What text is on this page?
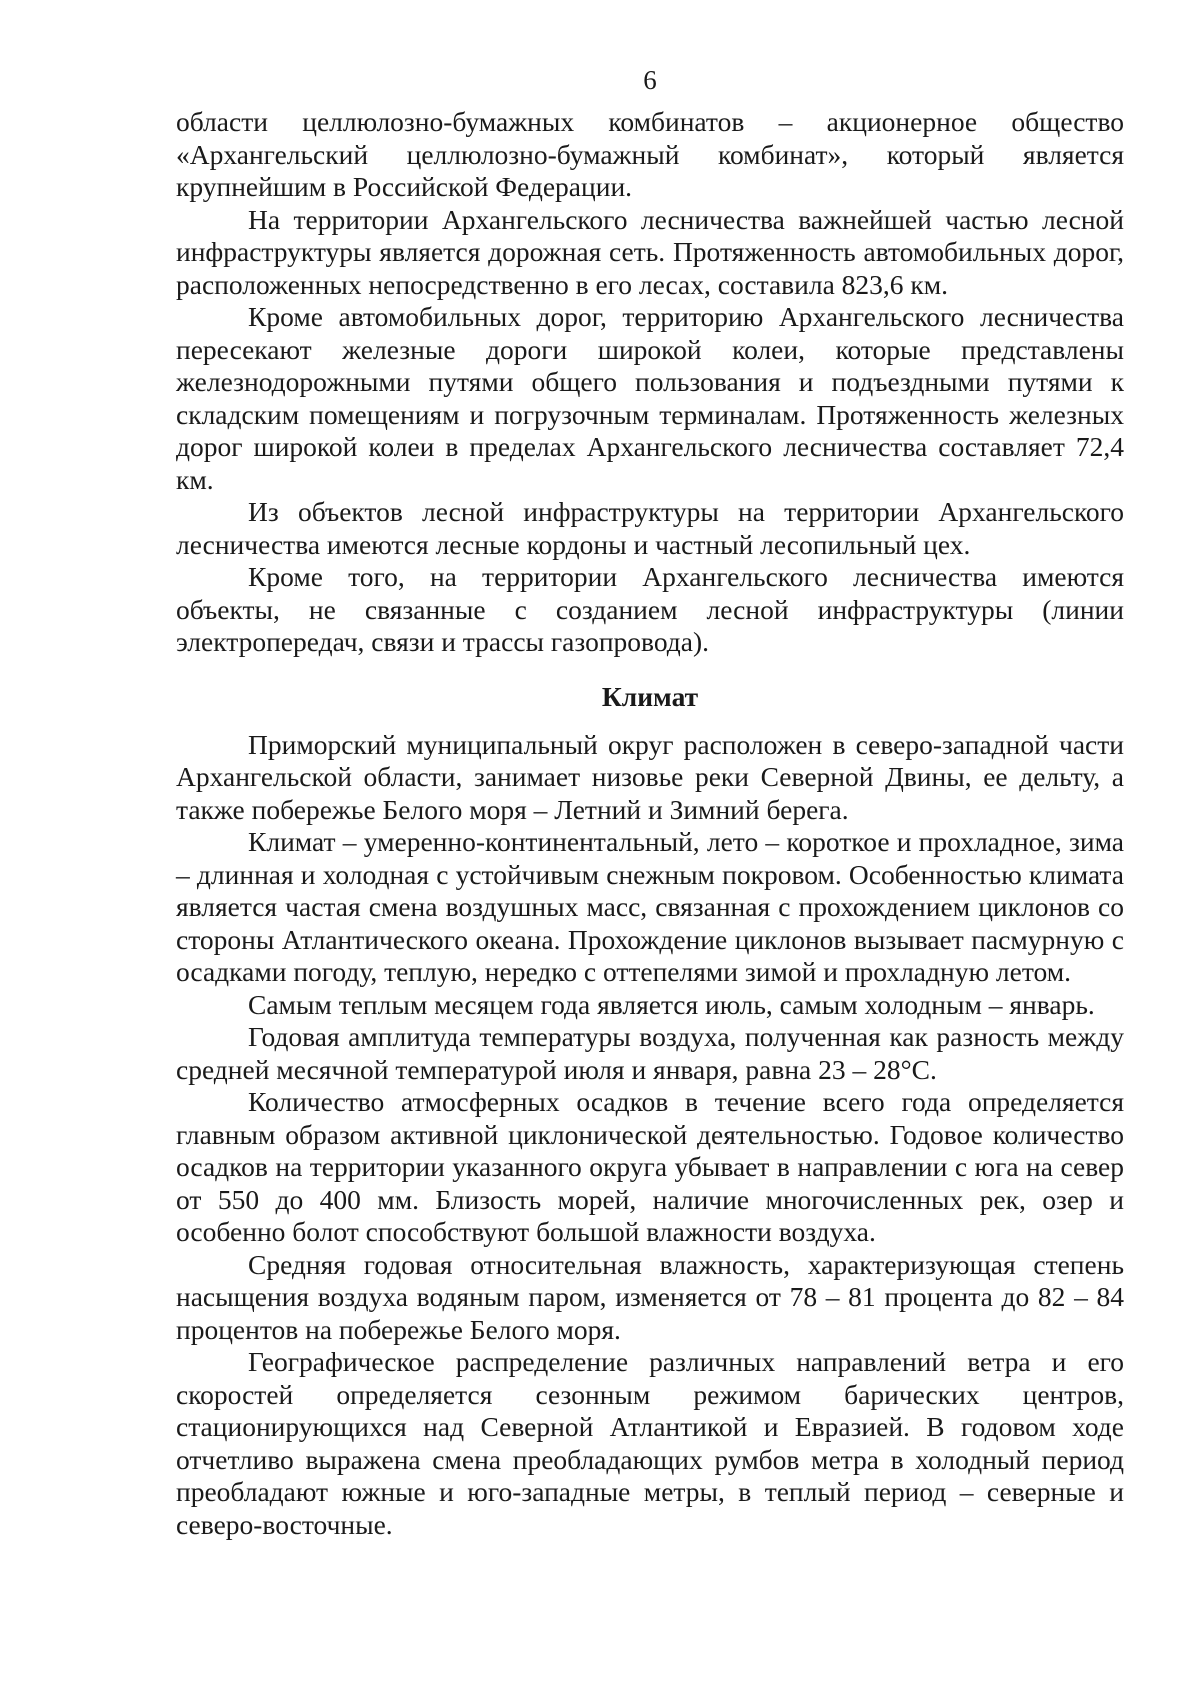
6

области целлюлозно-бумажных комбинатов – акционерное общество «Архангельский целлюлозно-бумажный комбинат», который является крупнейшим в Российской Федерации.

На территории Архангельского лесничества важнейшей частью лесной инфраструктуры является дорожная сеть. Протяженность автомобильных дорог, расположенных непосредственно в его лесах, составила 823,6 км.

Кроме автомобильных дорог, территорию Архангельского лесничества пересекают железные дороги широкой колеи, которые представлены железнодорожными путями общего пользования и подъездными путями к складским помещениям и погрузочным терминалам. Протяженность железных дорог широкой колеи в пределах Архангельского лесничества составляет 72,4 км.

Из объектов лесной инфраструктуры на территории Архангельского лесничества имеются лесные кордоны и частный лесопильный цех.

Кроме того, на территории Архангельского лесничества имеются объекты, не связанные с созданием лесной инфраструктуры (линии электропередач, связи и трассы газопровода).

Климат

Приморский муниципальный округ расположен в северо-западной части Архангельской области, занимает низовье реки Северной Двины, ее дельту, а также побережье Белого моря – Летний и Зимний берега.

Климат – умеренно-континентальный, лето – короткое и прохладное, зима – длинная и холодная с устойчивым снежным покровом. Особенностью климата является частая смена воздушных масс, связанная с прохождением циклонов со стороны Атлантического океана. Прохождение циклонов вызывает пасмурную с осадками погоду, теплую, нередко с оттепелями зимой и прохладную летом.

Самым теплым месяцем года является июль, самым холодным – январь.

Годовая амплитуда температуры воздуха, полученная как разность между средней месячной температурой июля и января, равна 23 – 28°С.

Количество атмосферных осадков в течение всего года определяется главным образом активной циклонической деятельностью. Годовое количество осадков на территории указанного округа убывает в направлении с юга на север от 550 до 400 мм. Близость морей, наличие многочисленных рек, озер и особенно болот способствуют большой влажности воздуха.

Средняя годовая относительная влажность, характеризующая степень насыщения воздуха водяным паром, изменяется от 78 – 81 процента до 82 – 84 процентов на побережье Белого моря.

Географическое распределение различных направлений ветра и его скоростей определяется сезонным режимом барических центров, стационирующихся над Северной Атлантикой и Евразией. В годовом ходе отчетливо выражена смена преобладающих румбов метра в холодный период преобладают южные и юго-западные метры, в теплый период – северные и северо-восточные.
